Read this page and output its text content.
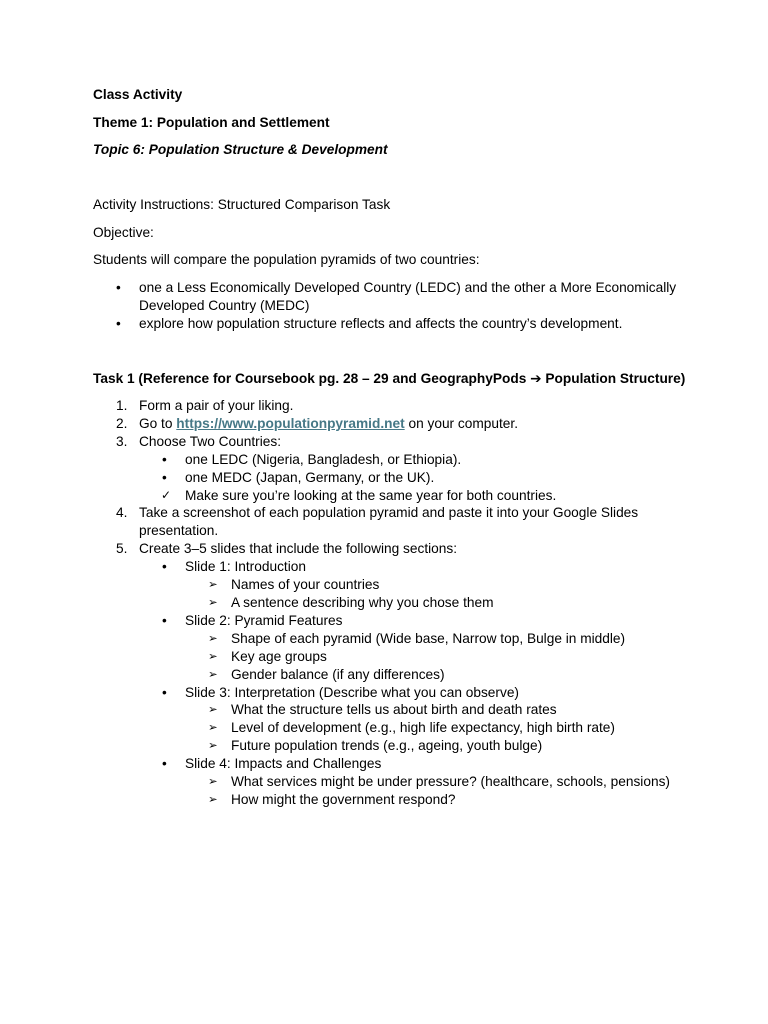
Class Activity
Theme 1: Population and Settlement
Topic 6: Population Structure & Development
Activity Instructions: Structured Comparison Task
Objective:
Students will compare the population pyramids of two countries:
• one a Less Economically Developed Country (LEDC) and the other a More Economically Developed Country (MEDC)
• explore how population structure reflects and affects the country’s development.
Task 1 (Reference for Coursebook pg. 28 – 29 and GeographyPods ➔ Population Structure)
1. Form a pair of your liking.
2. Go to https://www.populationpyramid.net on your computer.
3. Choose Two Countries:
• one LEDC (Nigeria, Bangladesh, or Ethiopia).
• one MEDC (Japan, Germany, or the UK).
✓ Make sure you’re looking at the same year for both countries.
4. Take a screenshot of each population pyramid and paste it into your Google Slides presentation.
5. Create 3–5 slides that include the following sections:
• Slide 1: Introduction
➢ Names of your countries
➢ A sentence describing why you chose them
• Slide 2: Pyramid Features
➢ Shape of each pyramid (Wide base, Narrow top, Bulge in middle)
➢ Key age groups
➢ Gender balance (if any differences)
• Slide 3: Interpretation (Describe what you can observe)
➢ What the structure tells us about birth and death rates
➢ Level of development (e.g., high life expectancy, high birth rate)
➢ Future population trends (e.g., ageing, youth bulge)
• Slide 4: Impacts and Challenges
➢ What services might be under pressure? (healthcare, schools, pensions)
➢ How might the government respond?
